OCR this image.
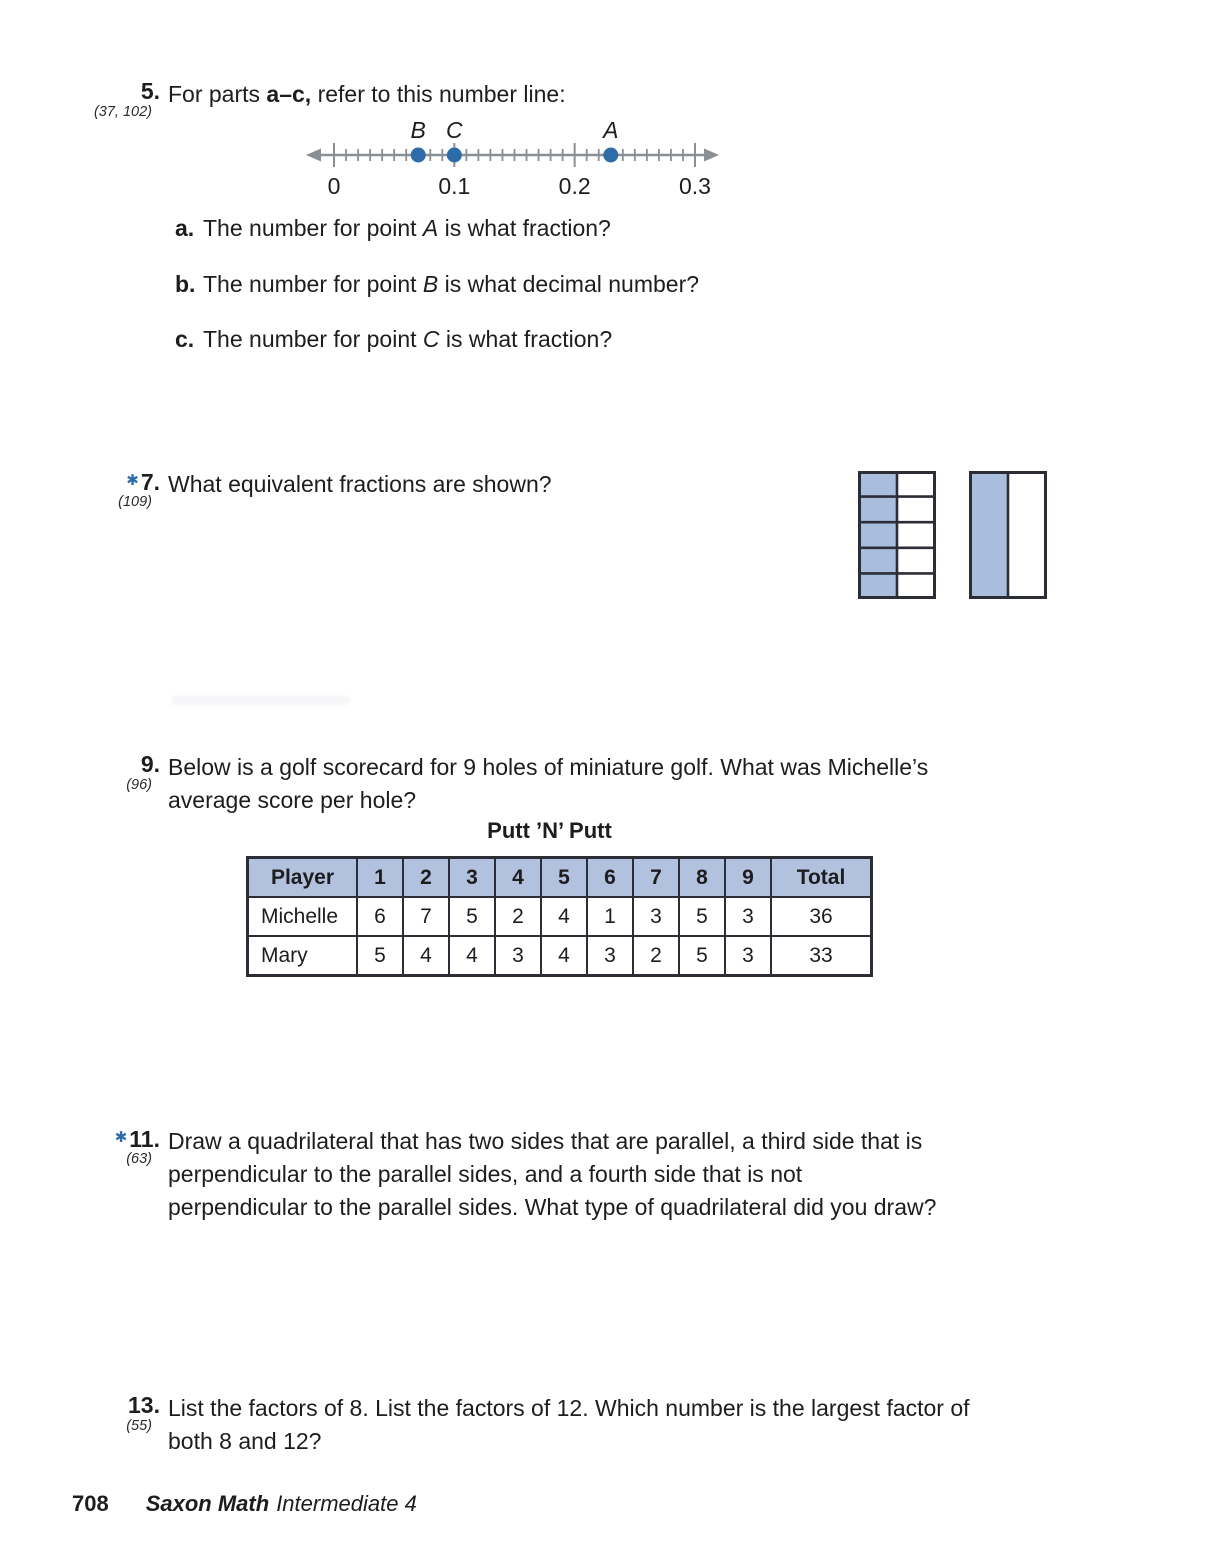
5.
(37, 102)
For parts a–c, refer to this number line:
0	0.1	0.2	0.3
B C	A
a. The number for point A is what fraction?
b. The number for point B is what decimal number?
c. The number for point C is what fraction?
✱7.
(109)
What equivalent fractions are shown?
9.
(96)
Below is a golf scorecard for 9 holes of miniature golf. What was Michelle’s average score per hole?
Putt ’N’ Putt
Player	1	2	3	4	5	6	7	8	9	Total
Michelle	6	7	5	2	4	1	3	5	3	36
Mary	5	4	4	3	4	3	2	5	3	33
✱11.
(63)
Draw a quadrilateral that has two sides that are parallel, a third side that is perpendicular to the parallel sides, and a fourth side that is not perpendicular to the parallel sides. What type of quadrilateral did you draw?
13.
(55)
List the factors of 8. List the factors of 12. Which number is the largest factor of both 8 and 12?
708 Saxon Math Intermediate 4
